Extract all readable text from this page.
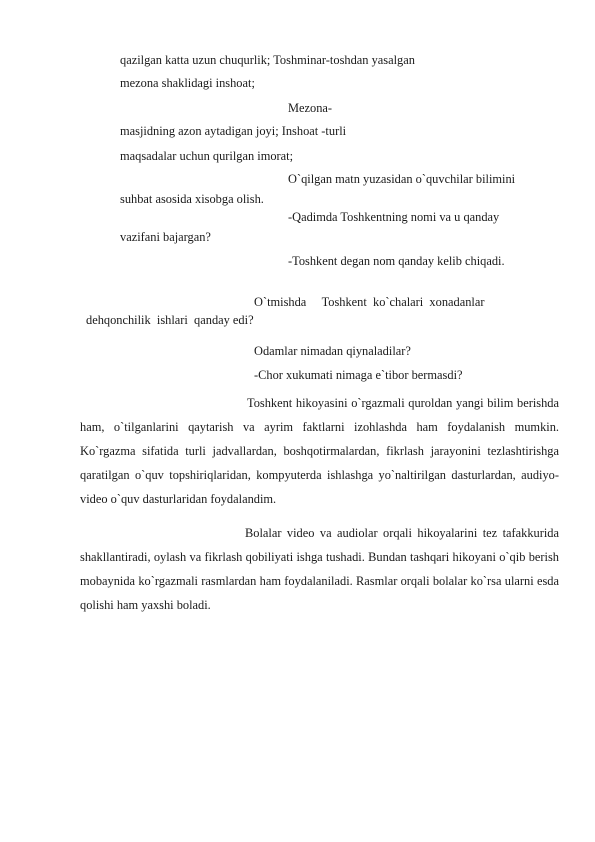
qazilgan katta uzun chuqurlik; Toshminar-toshdan yasalgan
mezona shaklidagi inshoat;
Mezona-
masjidning azon aytadigan joyi; Inshoat -turli
maqsadalar uchun qurilgan imorat;
O`qilgan matn yuzasidan o`quvchilar bilimini
suhbat asosida xisobga olish.
-Qadimda Toshkentning nomi va u qanday
vazifani bajargan?
-Toshkent degan nom qanday kelib chiqadi.
O`tmishda     Toshkent  ko`chalari  xonadanlar
dehqonchilik  ishlari  qanday edi?
Odamlar nimadan qiynaladilar?
-Chor xukumati nimaga e`tibor bermasdi?
Toshkent hikoyasini o`rgazmali quroldan yangi bilim berishda ham, o`tilganlarini qaytarish va ayrim faktlarni izohlashda ham foydalanish mumkin. Ko`rgazma sifatida turli jadvallardan, boshqotirmalardan, fikrlash jarayonini tezlashtirishga qaratilgan o`quv topshiriqlaridan, kompyuterda ishlashga yo`naltirilgan dasturlardan, audiyo-video o`quv dasturlaridan foydalandim.
Bolalar video va audiolar orqali hikoyalarini tez tafakkurida shakllantiradi, oylash va fikrlash qobiliyati ishga tushadi. Bundan tashqari hikoyani o`qib berish mobaynida ko`rgazmali rasmlardan ham foydalaniladi. Rasmlar orqali bolalar ko`rsa ularni esda qolishi ham yaxshi boladi.
